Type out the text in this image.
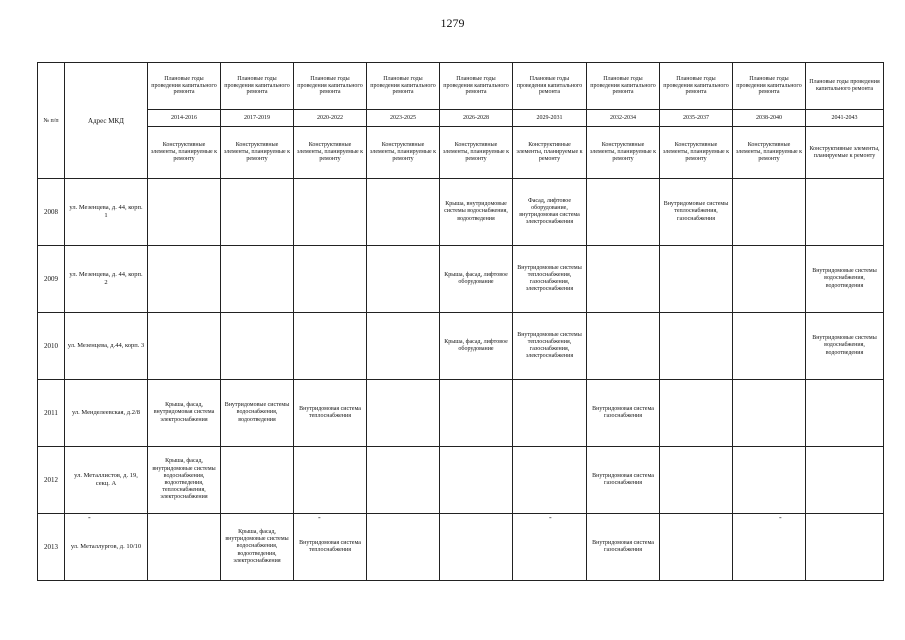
1279
№ п/п	Адрес МКД	Плановые годы проведения капитального ремонта	Плановые годы проведения капитального ремонта	Плановые годы проведения капитального ремонта	Плановые годы проведения капитального ремонта	Плановые годы проведения капитального ремонта	Плановые годы проведения капитального ремонта	Плановые годы проведения капитального ремонта	Плановые годы проведения капитального ремонта	Плановые годы проведения капитального ремонта	Плановые годы проведения капитального ремонта
		2014-2016	2017-2019	2020-2022	2023-2025	2026-2028	2029-2031	2032-2034	2035-2037	2038-2040	2041-2043
		Конструктивные элементы, планируемые к ремонту	Конструктивные элементы, планируемые к ремонту	Конструктивные элементы, планируемые к ремонту	Конструктивные элементы, планируемые к ремонту	Конструктивные элементы, планируемые к ремонту	Конструктивные элементы, планируемые к ремонту	Конструктивные элементы, планируемые к ремонту	Конструктивные элементы, планируемые к ремонту	Конструктивные элементы, планируемые к ремонту	Конструктивные элементы, планируемые к ремонту
2008	ул. Мезенцева, д. 44, корп. 1					Крыша, внутридомовые системы водоснабжения, водоотведения	Фасад, лифтовое оборудование, внутридомовая система электроснабжения		Внутридомовые системы теплоснабжения, газоснабжения		
2009	ул. Мезенцева, д. 44, корп. 2					Крыша, фасад, лифтовое оборудование	Внутридомовые системы теплоснабжения, газоснабжения, электроснабжения				Внутридомовые системы водоснабжения, водоотведения
2010	ул. Мезенцева, д.44, корп. 3					Крыша, фасад, лифтовое оборудование	Внутридомовые системы теплоснабжения, газоснабжения, электроснабжения				Внутридомовые системы водоснабжения, водоотведения
2011	ул. Менделеевская, д.2/8	Крыша, фасад, внутридомовая система электроснабжения	Внутридомовые системы водоснабжения, водоотведения	Внутридомовая система теплоснабжения				Внутридомовая система газоснабжения			
2012	ул. Металлистов, д. 19, секц. А	Крыша, фасад, внутридомовые системы водоснабжения, водоотведения, теплоснабжения, электроснабжения						Внутридомовая система газоснабжения			
2013	ул. Металлургов, д. 10/10		Крыша, фасад, внутридомовые системы водоснабжения, водоотведения, электроснабжения	Внутридомовая система теплоснабжения				Внутридомовая система газоснабжения			
-	-	-	-
